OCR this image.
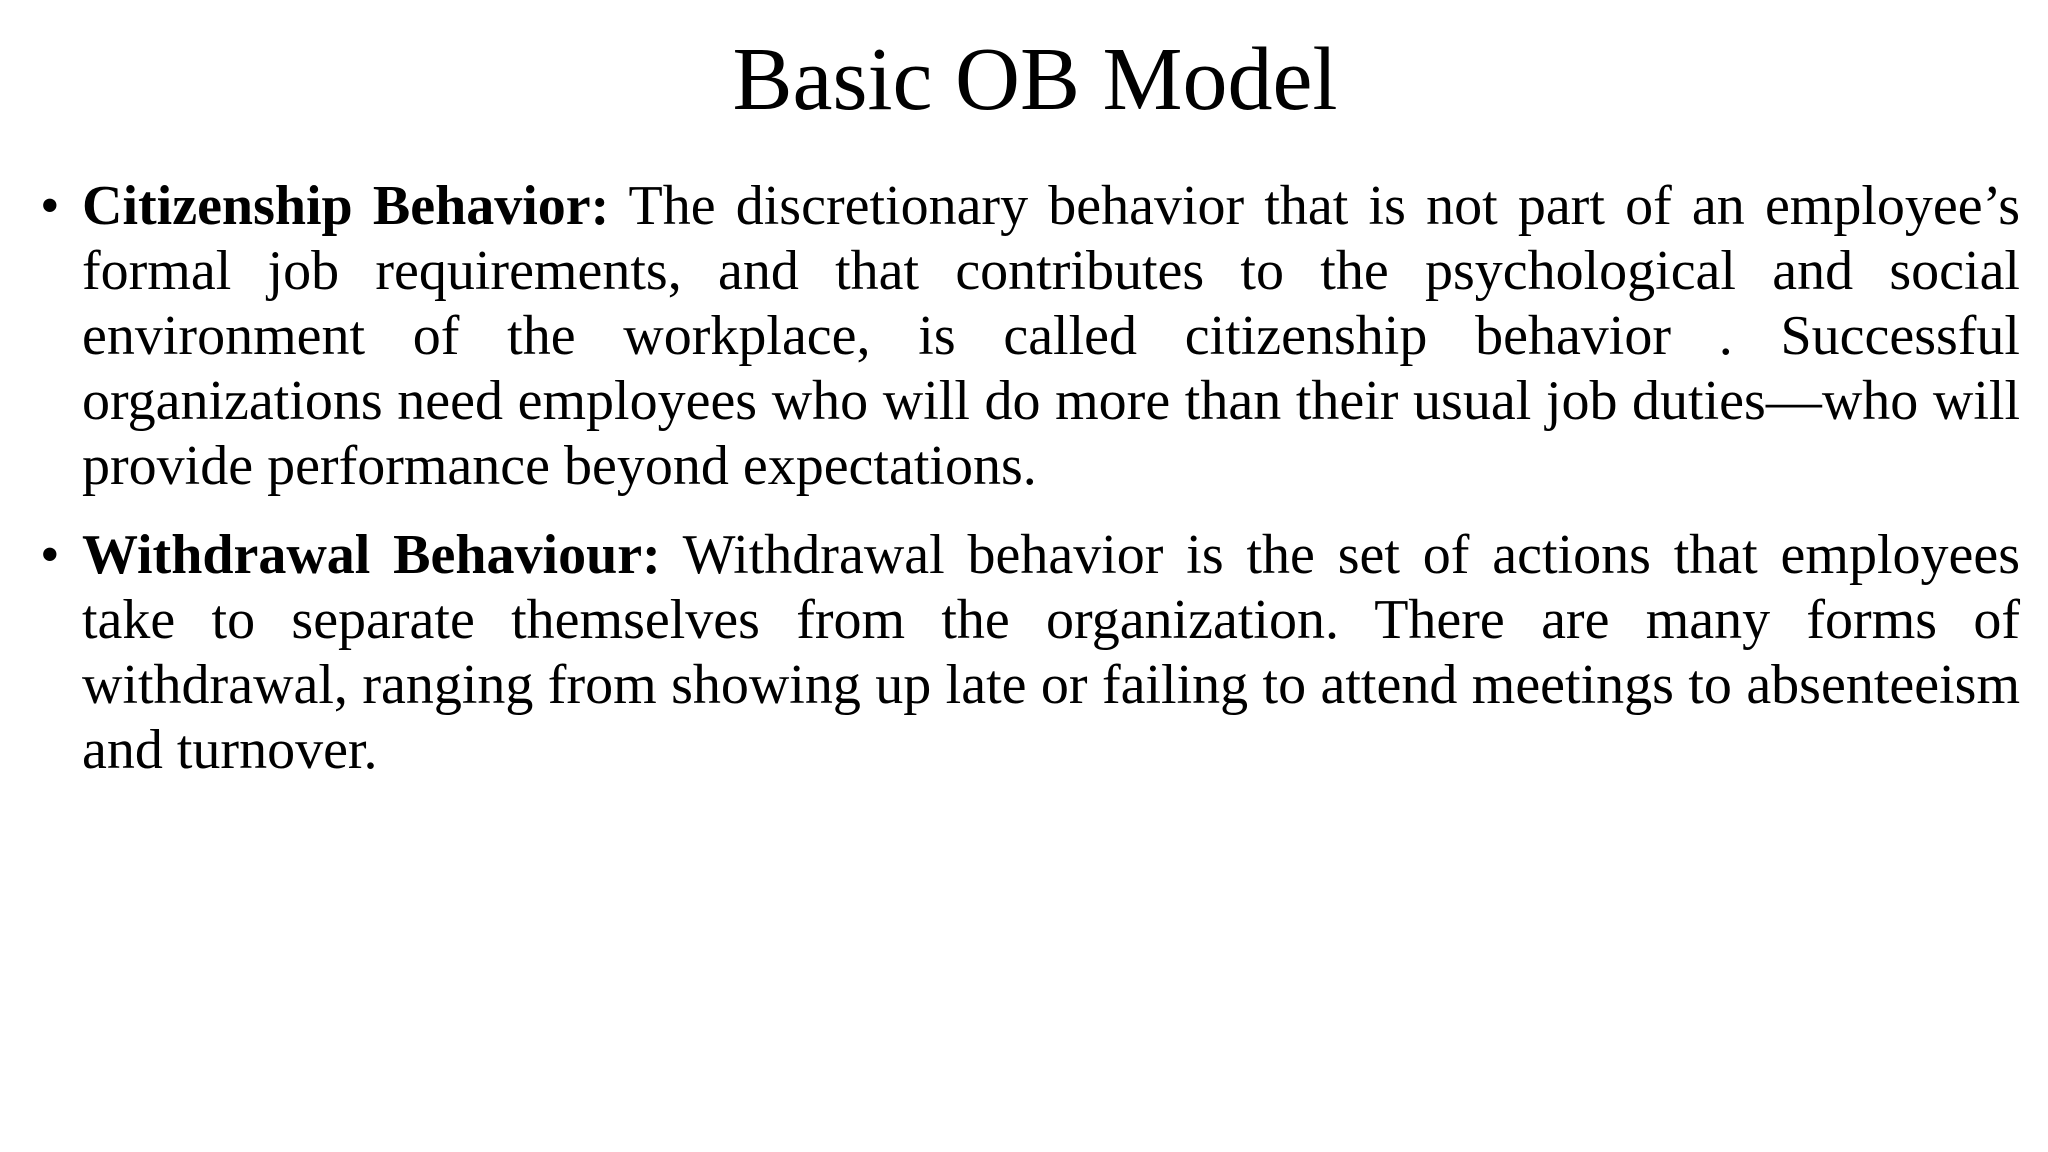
Basic OB Model
• Citizenship Behavior: The discretionary behavior that is not part of an employee’s formal job requirements, and that contributes to the psychological and social environment of the workplace, is called citizenship behavior . Successful organizations need employees who will do more than their usual job duties—who will provide performance beyond expectations.
• Withdrawal Behaviour: Withdrawal behavior is the set of actions that employees take to separate themselves from the organization. There are many forms of withdrawal, ranging from showing up late or failing to attend meetings to absenteeism and turnover.
